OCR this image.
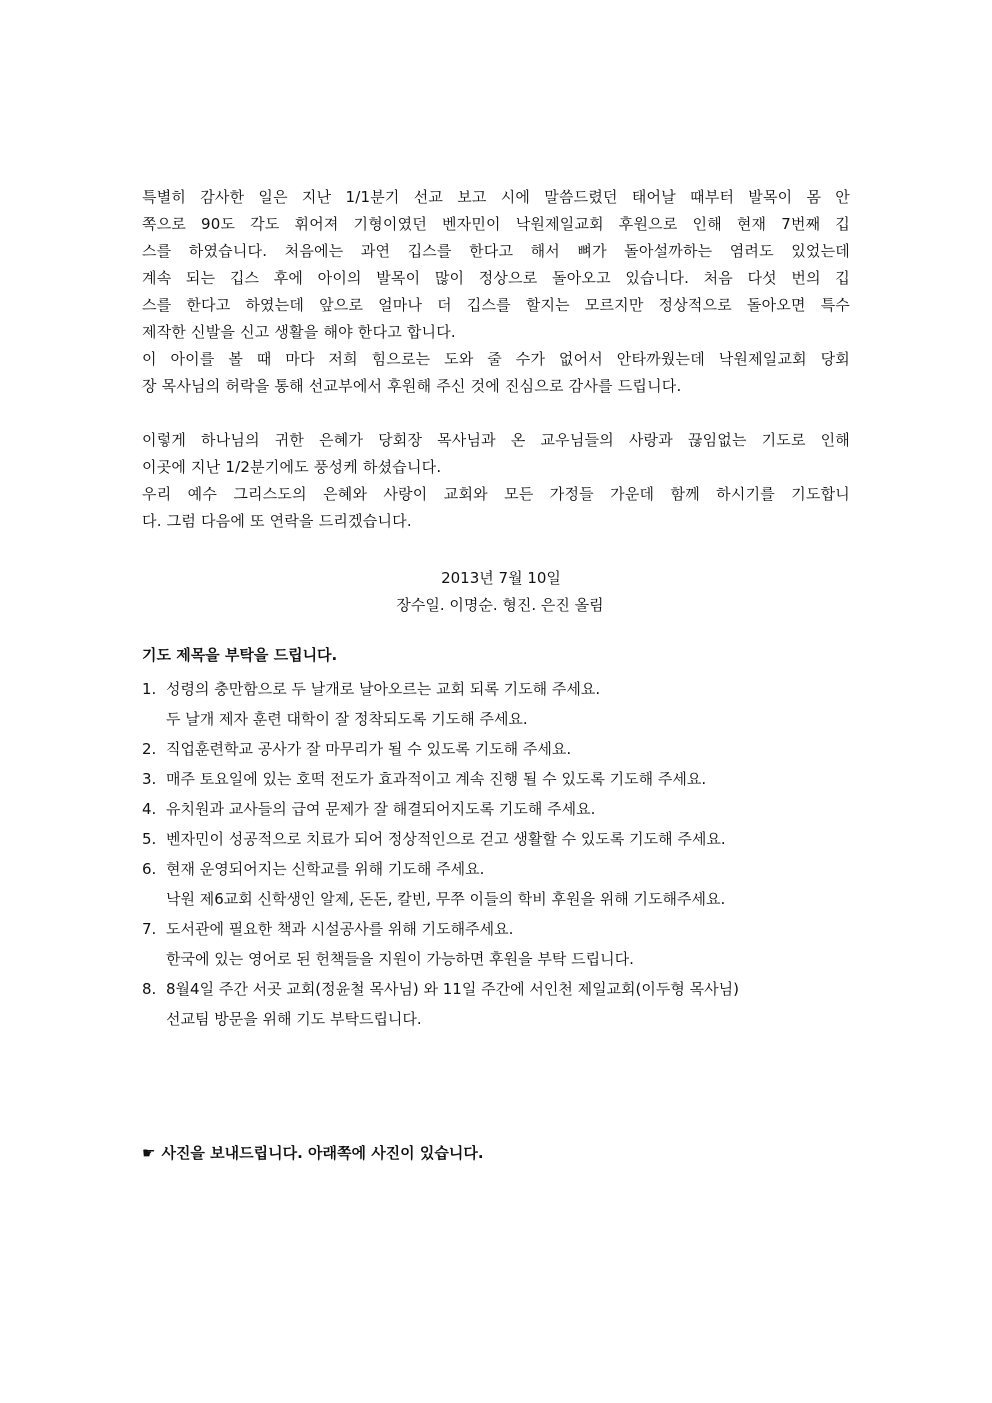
특별히 감사한 일은 지난 1/1분기 선교 보고 시에 말씀드렸던 태어날 때부터 발목이 몸 안
쪽으로 90도 각도 휘어져 기형이였던 벤자민이 낙원제일교회 후원으로 인해 현재 7번째 깁
스를 하였습니다. 처음에는 과연 깁스를 한다고 해서 뼈가 돌아설까하는 염려도 있었는데
계속 되는 깁스 후에 아이의 발목이 많이 정상으로 돌아오고 있습니다. 처음 다섯 번의 깁
스를 한다고 하였는데 앞으로 얼마나 더 깁스를 할지는 모르지만 정상적으로 돌아오면 특수
제작한 신발을 신고 생활을 해야 한다고 합니다.
이 아이를 볼 때 마다 저희 힘으로는 도와 줄 수가 없어서 안타까웠는데 낙원제일교회 당회
장 목사님의 허락을 통해 선교부에서 후원해 주신 것에 진심으로 감사를 드립니다.
이렇게 하나님의 귀한 은혜가 당회장 목사님과 온 교우님들의 사랑과 끊임없는 기도로 인해
이곳에 지난 1/2분기에도 풍성케 하셨습니다.
우리 예수 그리스도의 은혜와 사랑이 교회와 모든 가정들 가운데 함께 하시기를 기도합니
다. 그럼 다음에 또 연락을 드리겠습니다.
2013년 7월 10일
장수일. 이명순. 형진. 은진 올림
기도 제목을 부탁을 드립니다.
1. 성령의 충만함으로 두 날개로 날아오르는 교회 되록 기도해 주세요.
두 날개 제자 훈련 대학이 잘 정착되도록 기도해 주세요.
2. 직업훈련학교 공사가 잘 마무리가 될 수 있도록 기도해 주세요.
3. 매주 토요일에 있는 호떡 전도가 효과적이고 계속 진행 될 수 있도록 기도해 주세요.
4. 유치원과 교사들의 급여 문제가 잘 해결되어지도록 기도해 주세요.
5. 벤자민이 성공적으로 치료가 되어 정상적인으로 걷고 생활할 수 있도록 기도해 주세요.
6. 현재 운영되어지는 신학교를 위해 기도해 주세요.
낙원 제6교회 신학생인 알제, 돈돈, 칼빈, 무쭈 이들의 학비 후원을 위해 기도해주세요.
7. 도서관에 필요한 책과 시설공사를 위해 기도해주세요.
한국에 있는 영어로 된 헌책들을 지원이 가능하면 후원을 부탁 드립니다.
8. 8월4일 주간 서곳 교회(정윤철 목사님) 와 11일 주간에 서인천 제일교회(이두형 목사님)
선교팀 방문을 위해 기도 부탁드립니다.
☛ 사진을 보내드립니다. 아래쪽에 사진이 있습니다.
